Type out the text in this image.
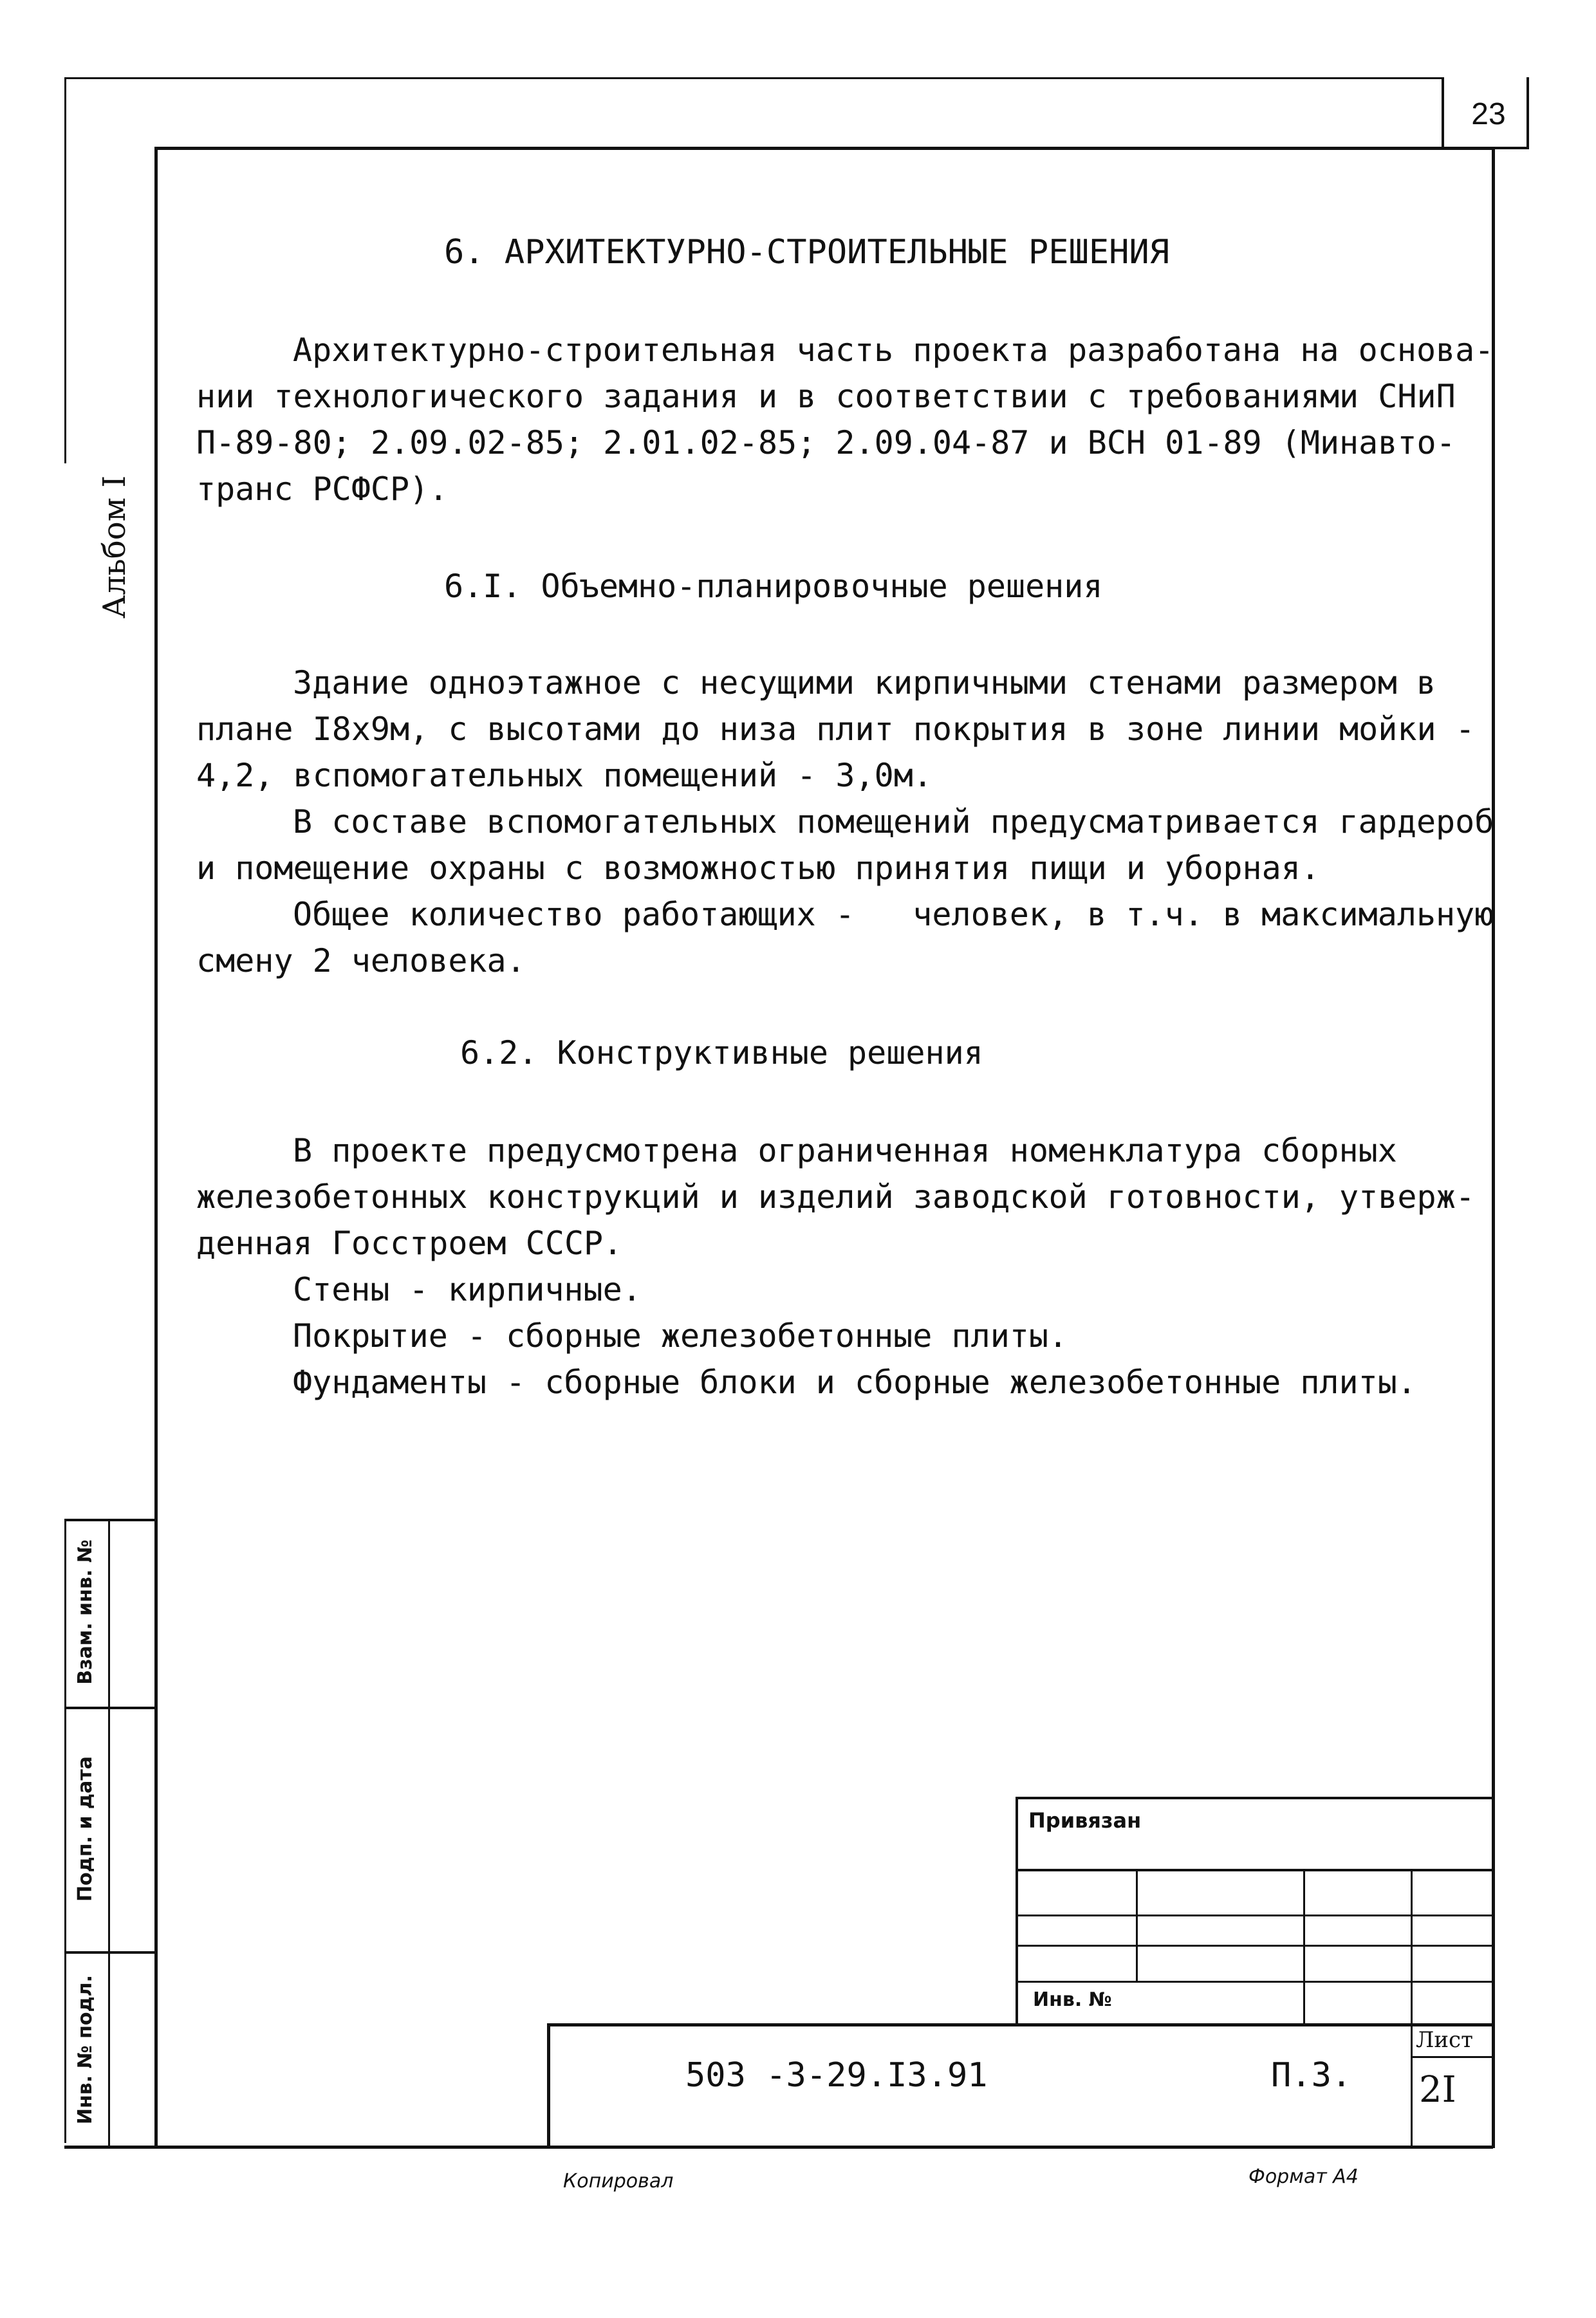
23
Альбом I
6. АРХИТЕКТУРНО-СТРОИТЕЛЬНЫЕ РЕШЕНИЯ
Архитектурно-строительная часть проекта разработана на основа-
нии технологического задания и в соответствии с требованиями СНиП
П-89-80; 2.09.02-85; 2.01.02-85; 2.09.04-87 и ВСН 01-89 (Минавто-
транс РСФСР).
6.I. Объемно-планировочные решения
Здание одноэтажное с несущими кирпичными стенами размером в
плане I8x9м, с высотами до низа плит покрытия в зоне линии мойки -
4,2, вспомогательных помещений - 3,0м.
В составе вспомогательных помещений предусматривается гардероб
и помещение охраны с возможностью принятия пищи и уборная.
Общее количество работающих -   человек, в т.ч. в максимальную
смену 2 человека.
6.2. Конструктивные решения
В проекте предусмотрена ограниченная номенклатура сборных
железобетонных конструкций и изделий заводской готовности, утверж-
денная Госстроем СССР.
Стены - кирпичные.
Покрытие - сборные железобетонные плиты.
Фундаменты - сборные блоки и сборные железобетонные плиты.
Взам. инв. №
Подп. и дата
Инв. № подл.
Привязан
Инв. №
503 -3-29.I3.91	П.3.
Лист
2I
Копировал	Формат А4
